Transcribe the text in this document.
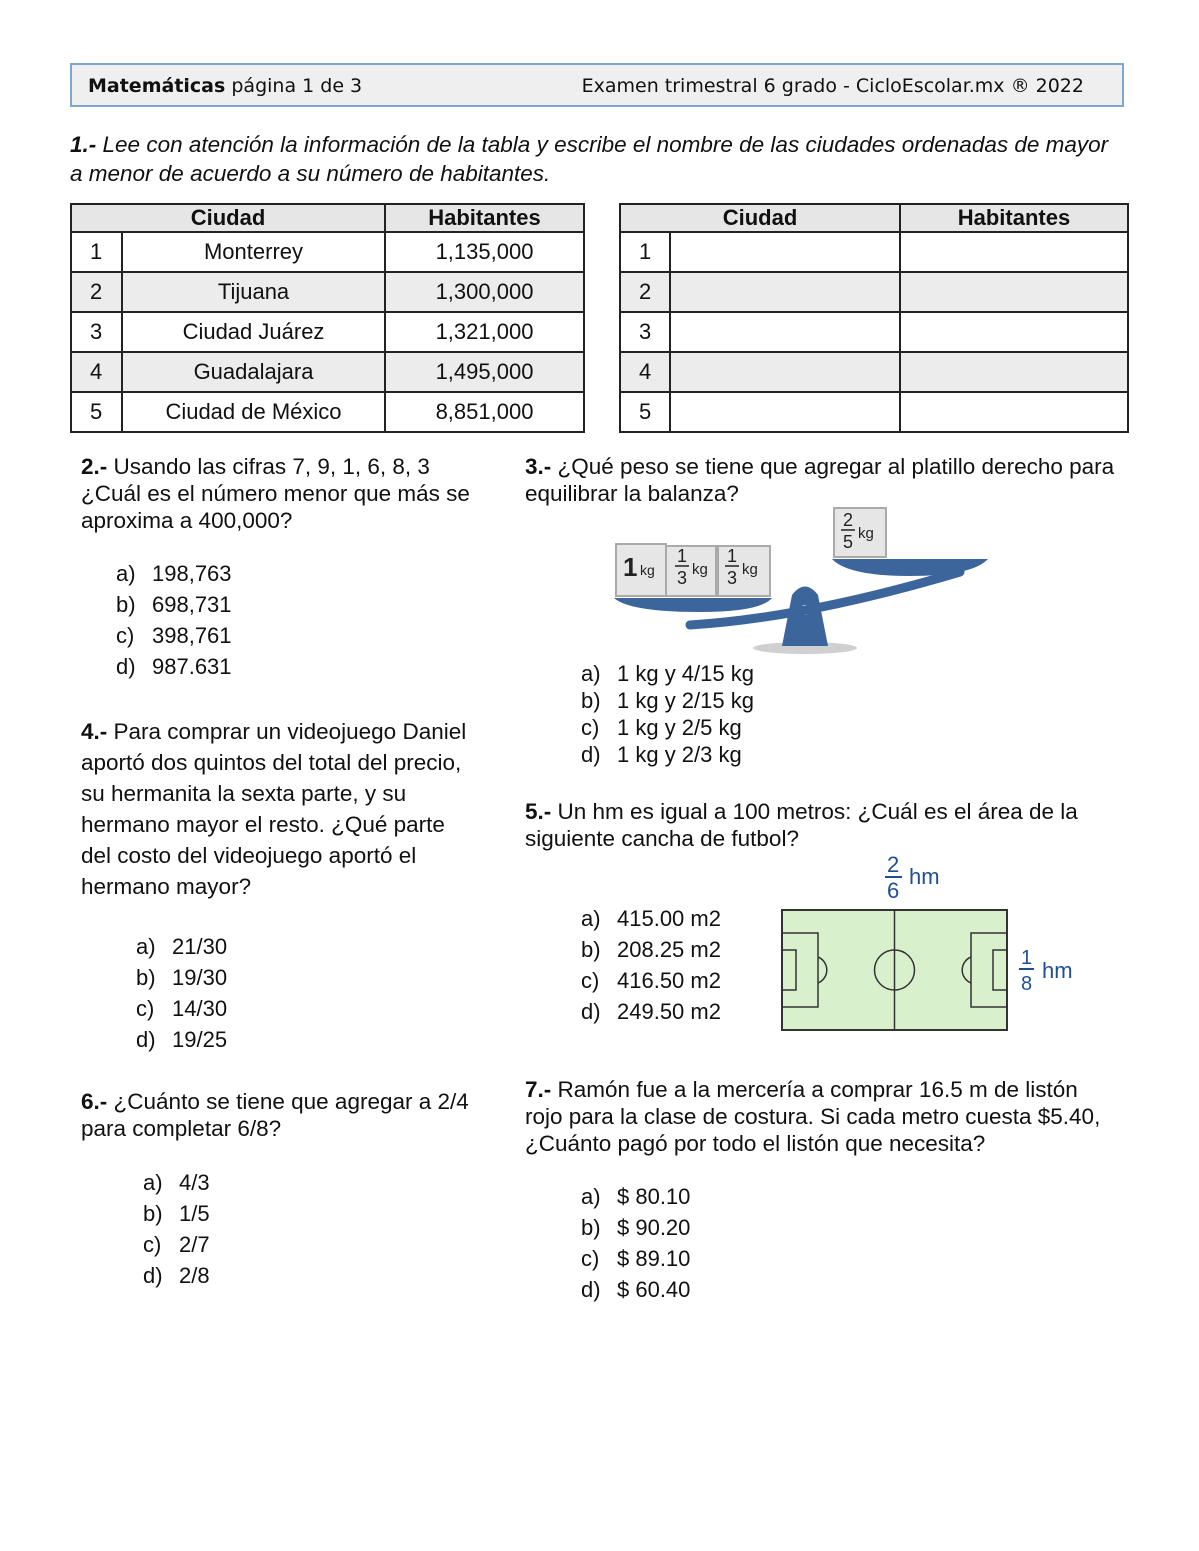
Matemáticas página 1 de 3	Examen trimestral 6 grado - CicloEscolar.mx ® 2022
1.- Lee con atención la información de la tabla y escribe el nombre de las ciudades ordenadas de mayor a menor de acuerdo a su número de habitantes.
Ciudad		Habitantes
1	Monterrey	1,135,000
2	Tijuana	1,300,000
3	Ciudad Juárez	1,321,000
4	Guadalajara	1,495,000
5	Ciudad de México	8,851,000
Ciudad		Habitantes
1		
2		
3		
4		
5		
2.- Usando las cifras 7, 9, 1, 6, 8, 3 ¿Cuál es el número menor que más se aproxima a 400,000?
a) 198,763
b) 698,731
c) 398,761
d) 987.631
3.- ¿Qué peso se tiene que agregar al platillo derecho para equilibrar la balanza?
1 kg
1
3 kg
1
3 kg
2
5 kg
a) 1 kg y 4/15 kg
b) 1 kg y 2/15 kg
c) 1 kg y 2/5 kg
d) 1 kg y 2/3 kg
4.- Para comprar un videojuego Daniel aportó dos quintos del total del precio, su hermanita la sexta parte, y su hermano mayor el resto. ¿Qué parte del costo del videojuego aportó el hermano mayor?
a) 21/30
b) 19/30
c) 14/30
d) 19/25
5.- Un hm es igual a 100 metros: ¿Cuál es el área de la siguiente cancha de futbol?
a) 415.00 m2
b) 208.25 m2
c) 416.50 m2
d) 249.50 m2
2
6
hm
1
8
hm
6.- ¿Cuánto se tiene que agregar a 2/4 para completar 6/8?
a) 4/3
b) 1/5
c) 2/7
d) 2/8
7.- Ramón fue a la mercería a comprar 16.5 m de listón rojo para la clase de costura. Si cada metro cuesta $5.40, ¿Cuánto pagó por todo el listón que necesita?
a) $ 80.10
b) $ 90.20
c) $ 89.10
d) $ 60.40
